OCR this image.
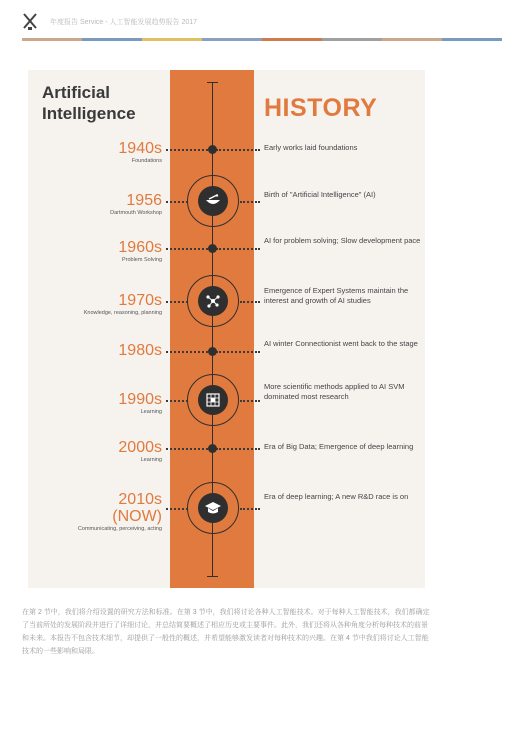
年度报告 Service - 人工智能发展趋势报告 2017
Artificial
Intelligence	HISTORY
1940s
Foundations
Early works laid foundations
1956
Dartmouth Workshop
Birth of "Artificial Intelligence" (AI)
1960s
Problem Solving
AI for problem solving; Slow development pace
1970s
Knowledge, reasoning, planning
Emergence of Expert Systems maintain the interest and growth of AI studies
1980s	AI winter Connectionist went back to the stage
1990s
Learning
More scientific methods applied to AI SVM dominated most research
2000s
Learning
Era of Big Data; Emergence of deep learning
2010s
(NOW)
Communicating, perceiving, acting
Era of deep learning; A new R&D race is on
在第 2 节中，我们将介绍设置的研究方法和标准。在第 3 节中，我们将讨论各种人工智能技术。对于每种人工智能技术，我们都确定了当前所处的发展阶段并进行了详细讨论，并总结简要概述了相应历史或主要事件。此外，我们还将从各种角度分析每种技术的前景和未来。本报告不包含技术细节，却提供了一般性的概述，并希望能够激发读者对每种技术的兴趣。在第 4 节中我们将讨论人工智能技术的一些影响和局限。
